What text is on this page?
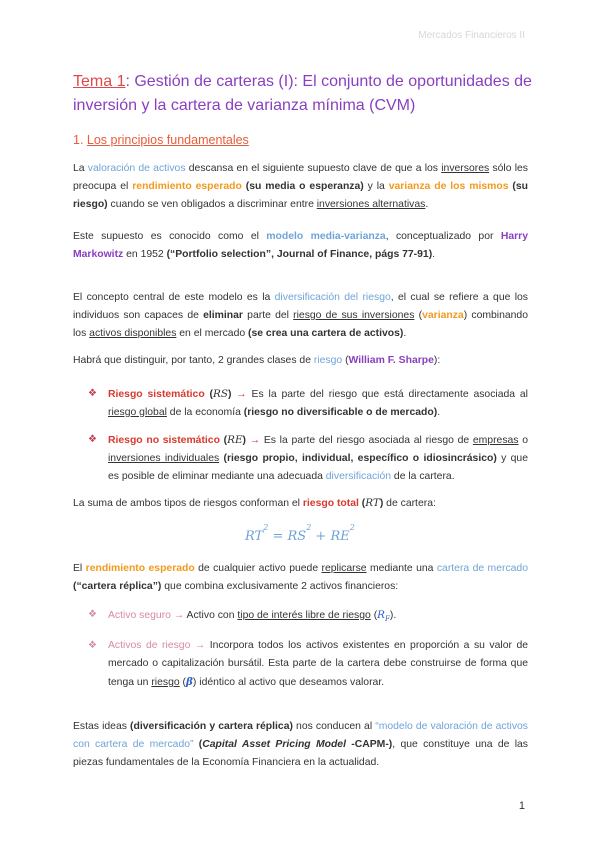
Mercados Financieros II
Tema 1: Gestión de carteras (I): El conjunto de oportunidades de inversión y la cartera de varianza mínima (CVM)
1. Los principios fundamentales
La valoración de activos descansa en el siguiente supuesto clave de que a los inversores sólo les preocupa el rendimiento esperado (su media o esperanza) y la varianza de los mismos (su riesgo) cuando se ven obligados a discriminar entre inversiones alternativas.
Este supuesto es conocido como el modelo media-varianza, conceptualizado por Harry Markowitz en 1952 (“Portfolio selection”, Journal of Finance, págs 77-91).
El concepto central de este modelo es la diversificación del riesgo, el cual se refiere a que los individuos son capaces de eliminar parte del riesgo de sus inversiones (varianza) combinando los activos disponibles en el mercado (se crea una cartera de activos).
Habrá que distinguir, por tanto, 2 grandes clases de riesgo (William F. Sharpe):
❖ Riesgo sistemático (RS) → Es la parte del riesgo que está directamente asociada al riesgo global de la economía (riesgo no diversificable o de mercado).
❖ Riesgo no sistemático (RE) → Es la parte del riesgo asociada al riesgo de empresas o inversiones individuales (riesgo propio, individual, específico o idiosincrásico) y que es posible de eliminar mediante una adecuada diversificación de la cartera.
La suma de ambos tipos de riesgos conforman el riesgo total (RT) de cartera:
$RT^2 = RS^2 + RE^2$
El rendimiento esperado de cualquier activo puede replicarse mediante una cartera de mercado (“cartera réplica”) que combina exclusivamente 2 activos financieros:
❖ Activo seguro → Activo con tipo de interés libre de riesgo $(R_F)$.
❖ Activos de riesgo → Incorpora todos los activos existentes en proporción a su valor de mercado o capitalización bursátil. Esta parte de la cartera debe construirse de forma que tenga un riesgo (β) idéntico al activo que deseamos valorar.
Estas ideas (diversificación y cartera réplica) nos conducen al “modelo de valoración de activos con cartera de mercado” (Capital Asset Pricing Model -CAPM-), que constituye una de las piezas fundamentales de la Economía Financiera en la actualidad.
1
